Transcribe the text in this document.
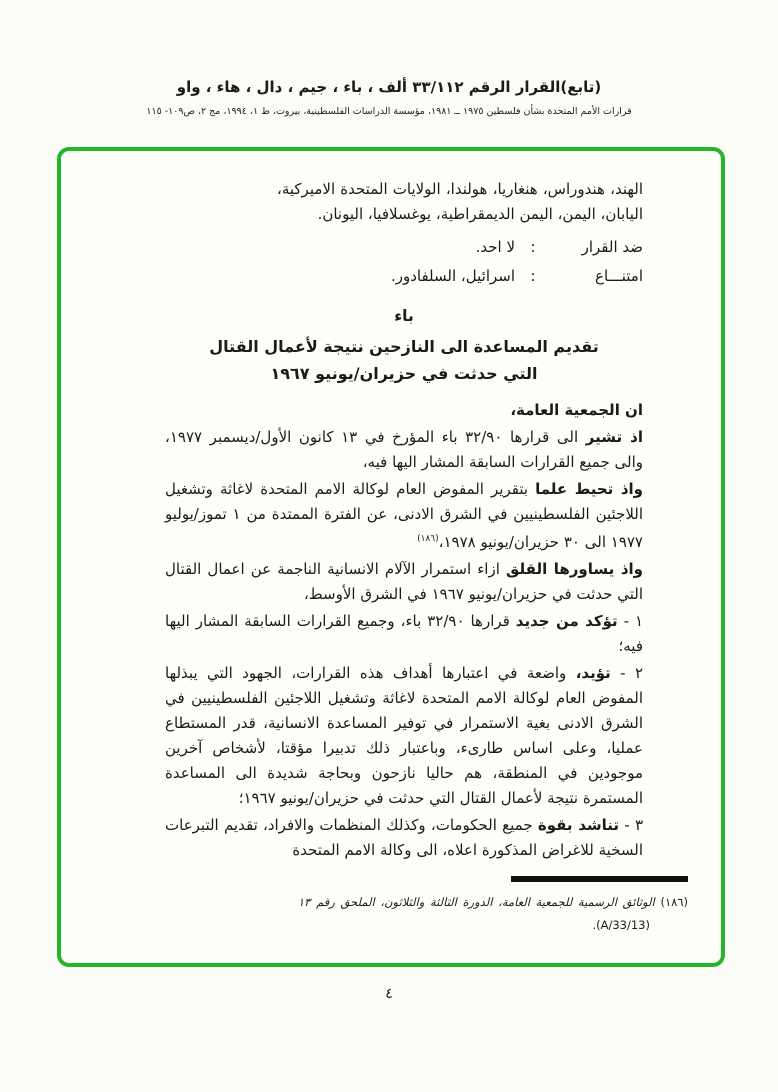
(تابع)القرار الرقم ٣٣/١١٢ ألف ، باء ، جيم ، دال ، هاء ، واو
قرارات الأمم المتحدة بشأن فلسطين ١٩٧٥ ــ ١٩٨١، مؤسسة الدراسات الفلسطينية، بيروت، ط ١، ١٩٩٤، مج ٢، ص١٠٩- ١١٥

الهند، هندوراس، هنغاريا، هولندا، الولايات المتحدة الاميركية، اليابان، اليمن، اليمن الديمقراطية، يوغسلافيا، اليونان.

ضد القرار:لا احد.
امتنـــاع:اسرائيل، السلفادور.
باء
تقديم المساعدة الى النازحين نتيجة لأعمال القتال
التي حدثت في حزيران/يونيو ١٩٦٧

ان الجمعية العامة،

اذ تشير الى قرارها ٣٢/٩٠ باء المؤرخ في ١٣ كانون الأول/ديسمبر ١٩٧٧، والى جميع القرارات السابقة المشار اليها فيه،

واذ تحيط علما بتقرير المفوض العام لوكالة الامم المتحدة لاغاثة وتشغيل اللاجئين الفلسطينيين في الشرق الادنى، عن الفترة الممتدة من ١ تموز/يوليو ١٩٧٧ الى ٣٠ حزيران/يونيو ١٩٧٨،$^{(١٨٦)}$

واذ يساورها القلق ازاء استمرار الآلام الانسانية الناجمة عن اعمال القتال التي حدثت في حزيران/يونيو ١٩٦٧ في الشرق الأوسط،

١ - تؤكد من جديد قرارها ٣٢/٩٠ باء، وجميع القرارات السابقة المشار اليها فيه؛

٢ - تؤيد، واضعة في اعتبارها أهداف هذه القرارات، الجهود التي يبذلها المفوض العام لوكالة الامم المتحدة لاغاثة وتشغيل اللاجئين الفلسطينيين في الشرق الادنى بغية الاستمرار في توفير المساعدة الانسانية، قدر المستطاع عمليا، وعلى اساس طارىء، وباعتبار ذلك تدبيرا مؤقتا، لأشخاص آخرين موجودين في المنطقة، هم حاليا نازحون وبحاجة شديدة الى المساعدة المستمرة نتيجة لأعمال القتال التي حدثت في حزيران/يونيو ١٩٦٧؛

٣ - تناشد بقوة جميع الحكومات، وكذلك المنظمات والافراد، تقديم التبرعات السخية للاغراض المذكورة اعلاه، الى وكالة الامم المتحدة

(١٨٦) الوثائق الرسمية للجمعية العامة، الدورة الثالثة والثلاثون، الملحق رقم ١٣ (A/33/13).

٤
